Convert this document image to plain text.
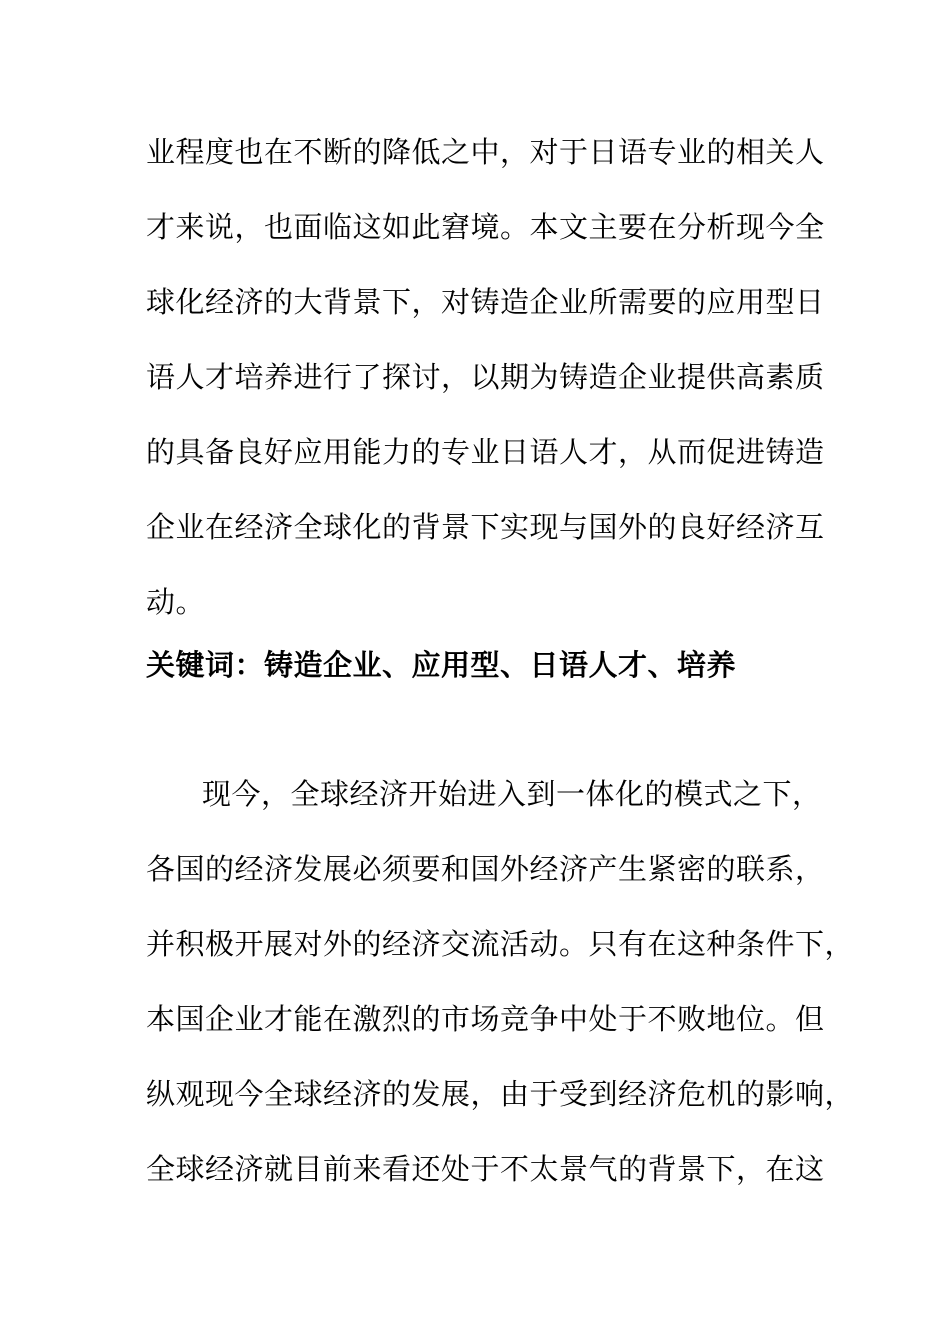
业程度也在不断的降低之中，对于日语专业的相关人
才来说，也面临这如此窘境。本文主要在分析现今全
球化经济的大背景下，对铸造企业所需要的应用型日
语人才培养进行了探讨，以期为铸造企业提供高素质
的具备良好应用能力的专业日语人才，从而促进铸造
企业在经济全球化的背景下实现与国外的良好经济互
动。
关键词：铸造企业、应用型、日语人才、培养
现今，全球经济开始进入到一体化的模式之下，
各国的经济发展必须要和国外经济产生紧密的联系，
并积极开展对外的经济交流活动。只有在这种条件下，
本国企业才能在激烈的市场竞争中处于不败地位。但
纵观现今全球经济的发展，由于受到经济危机的影响，
全球经济就目前来看还处于不太景气的背景下，在这
